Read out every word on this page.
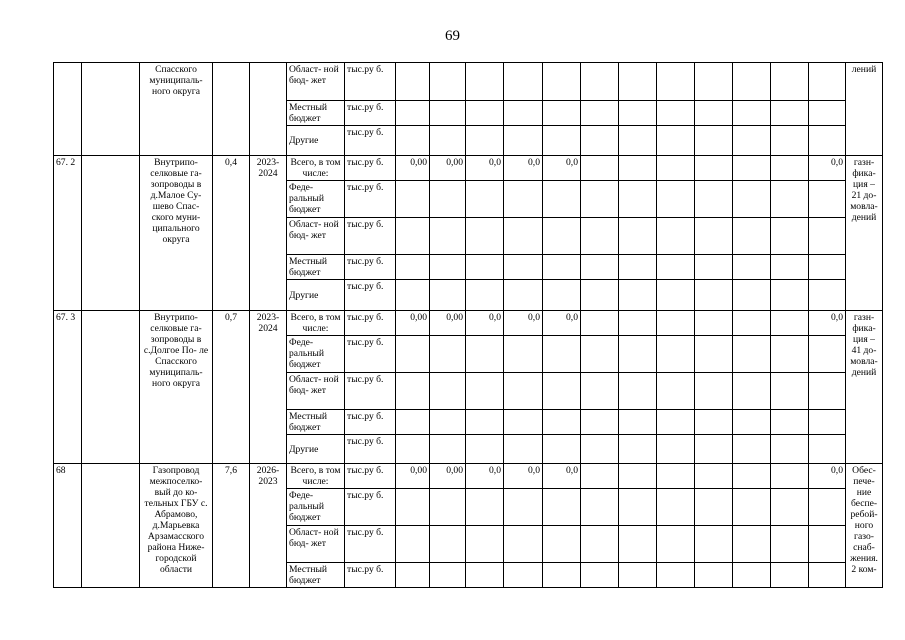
69
		Спасского муниципаль- ного округа			Област- ной бюд- жет	тыс.ру б.													лений
					Местный бюджет	тыс.ру б.													
					Другие	тыс.ру б.													
67. 2		Внутрипо- селковые га- зопроводы в д.Малое Су- шево Спас- ского муни- ципального округа	0,4	2023- 2024	Всего, в том числе:	тыс.ру б.	0,00	0,00	0,0	0,0	0,0							0,0	газн- фика- ция – 21 до- мовла- дений
					Феде- ральный бюджет	тыс.ру б.													
					Област- ной бюд- жет	тыс.ру б.													
					Местный бюджет	тыс.ру б.													
					Другие	тыс.ру б.													
67. 3		Внутрипо- селковые га- зопроводы в с.Долгое По- ле Спасского муниципаль- ного округа	0,7	2023- 2024	Всего, в том числе:	тыс.ру б.	0,00	0,00	0,0	0,0	0,0							0,0	газн- фика- ция – 41 до- мовла- дений
					Феде- ральный бюджет	тыс.ру б.													
					Област- ной бюд- жет	тыс.ру б.													
					Местный бюджет	тыс.ру б.													
					Другие	тыс.ру б.													
68		Газопровод межпоселко- вый до ко- тельных ГБУ с. Абрамово, д.Марьевка Арзамасского района Ниже- городской области	7,6	2026- 2023	Всего, в том числе:	тыс.ру б.	0,00	0,00	0,0	0,0	0,0							0,0	Обес- пече- ние беспе- ребой- ного газо- снаб- жения. 2 ком-
					Феде- ральный бюджет	тыс.ру б.													
					Област- ной бюд- жет	тыс.ру б.													
					Местный бюджет	тыс.ру б.													
